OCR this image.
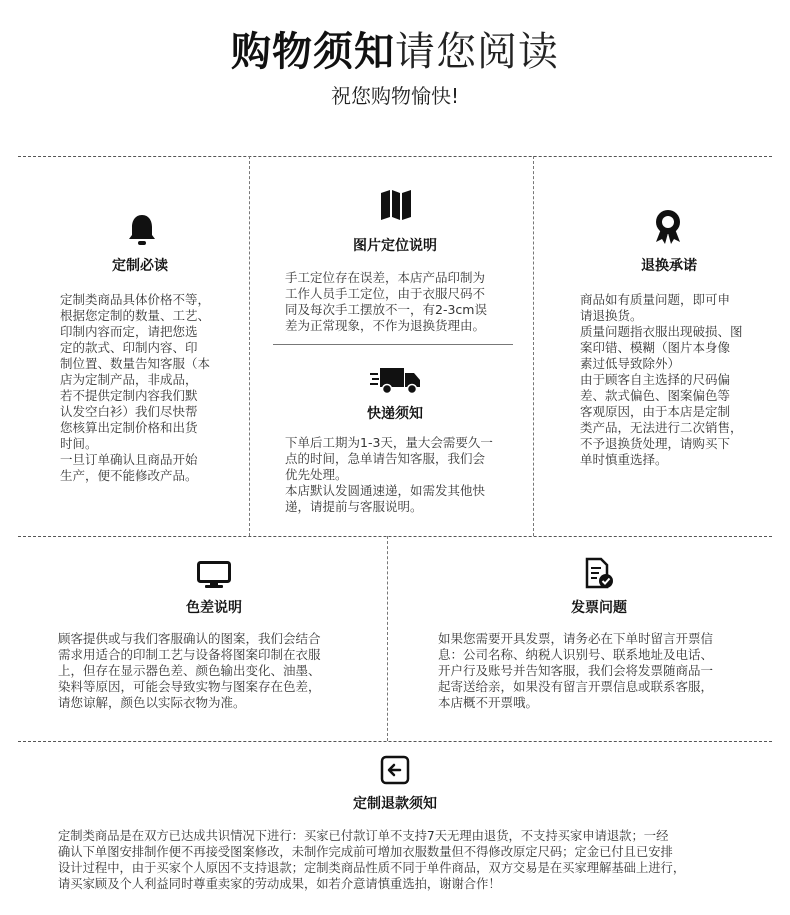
购物须知请您阅读
祝您购物愉快!
定制必读
定制类商品具体价格不等，
根据您定制的数量、工艺、
印制内容而定，请把您选
定的款式、印制内容、印
制位置、数量告知客服（本
店为定制产品，非成品，
若不提供定制内容我们默
认发空白衫）我们尽快帮
您核算出定制价格和出货
时间。
一旦订单确认且商品开始
生产，便不能修改产品。
图片定位说明
手工定位存在误差，本店产品印制为
工作人员手工定位，由于衣服尺码不
同及每次手工摆放不一，有2-3cm误
差为正常现象，不作为退换货理由。
快递须知
下单后工期为1-3天，量大会需要久一
点的时间，急单请告知客服，我们会
优先处理。
本店默认发圆通速递，如需发其他快
递，请提前与客服说明。
退换承诺
商品如有质量问题，即可申
请退换货。
质量问题指衣服出现破损、图
案印错、模糊（图片本身像
素过低导致除外）
由于顾客自主选择的尺码偏
差、款式偏色、图案偏色等
客观原因，由于本店是定制
类产品，无法进行二次销售，
不予退换货处理，请购买下
单时慎重选择。
色差说明
顾客提供或与我们客服确认的图案，我们会结合
需求用适合的印制工艺与设备将图案印制在衣服
上，但存在显示器色差、颜色输出变化、油墨、
染料等原因，可能会导致实物与图案存在色差，
请您谅解，颜色以实际衣物为准。
发票问题
如果您需要开具发票，请务必在下单时留言开票信
息：公司名称、纳税人识别号、联系地址及电话、
开户行及账号并告知客服，我们会将发票随商品一
起寄送给亲，如果没有留言开票信息或联系客服，
本店概不开票哦。
定制退款须知
定制类商品是在双方已达成共识情况下进行：买家已付款订单不支持7天无理由退货，不支持买家申请退款；一经
确认下单图安排制作便不再接受图案修改，未制作完成前可增加衣服数量但不得修改原定尺码；定金已付且已安排
设计过程中，由于买家个人原因不支持退款；定制类商品性质不同于单件商品，双方交易是在买家理解基础上进行，
请买家顾及个人利益同时尊重卖家的劳动成果，如若介意请慎重选拍，谢谢合作！
